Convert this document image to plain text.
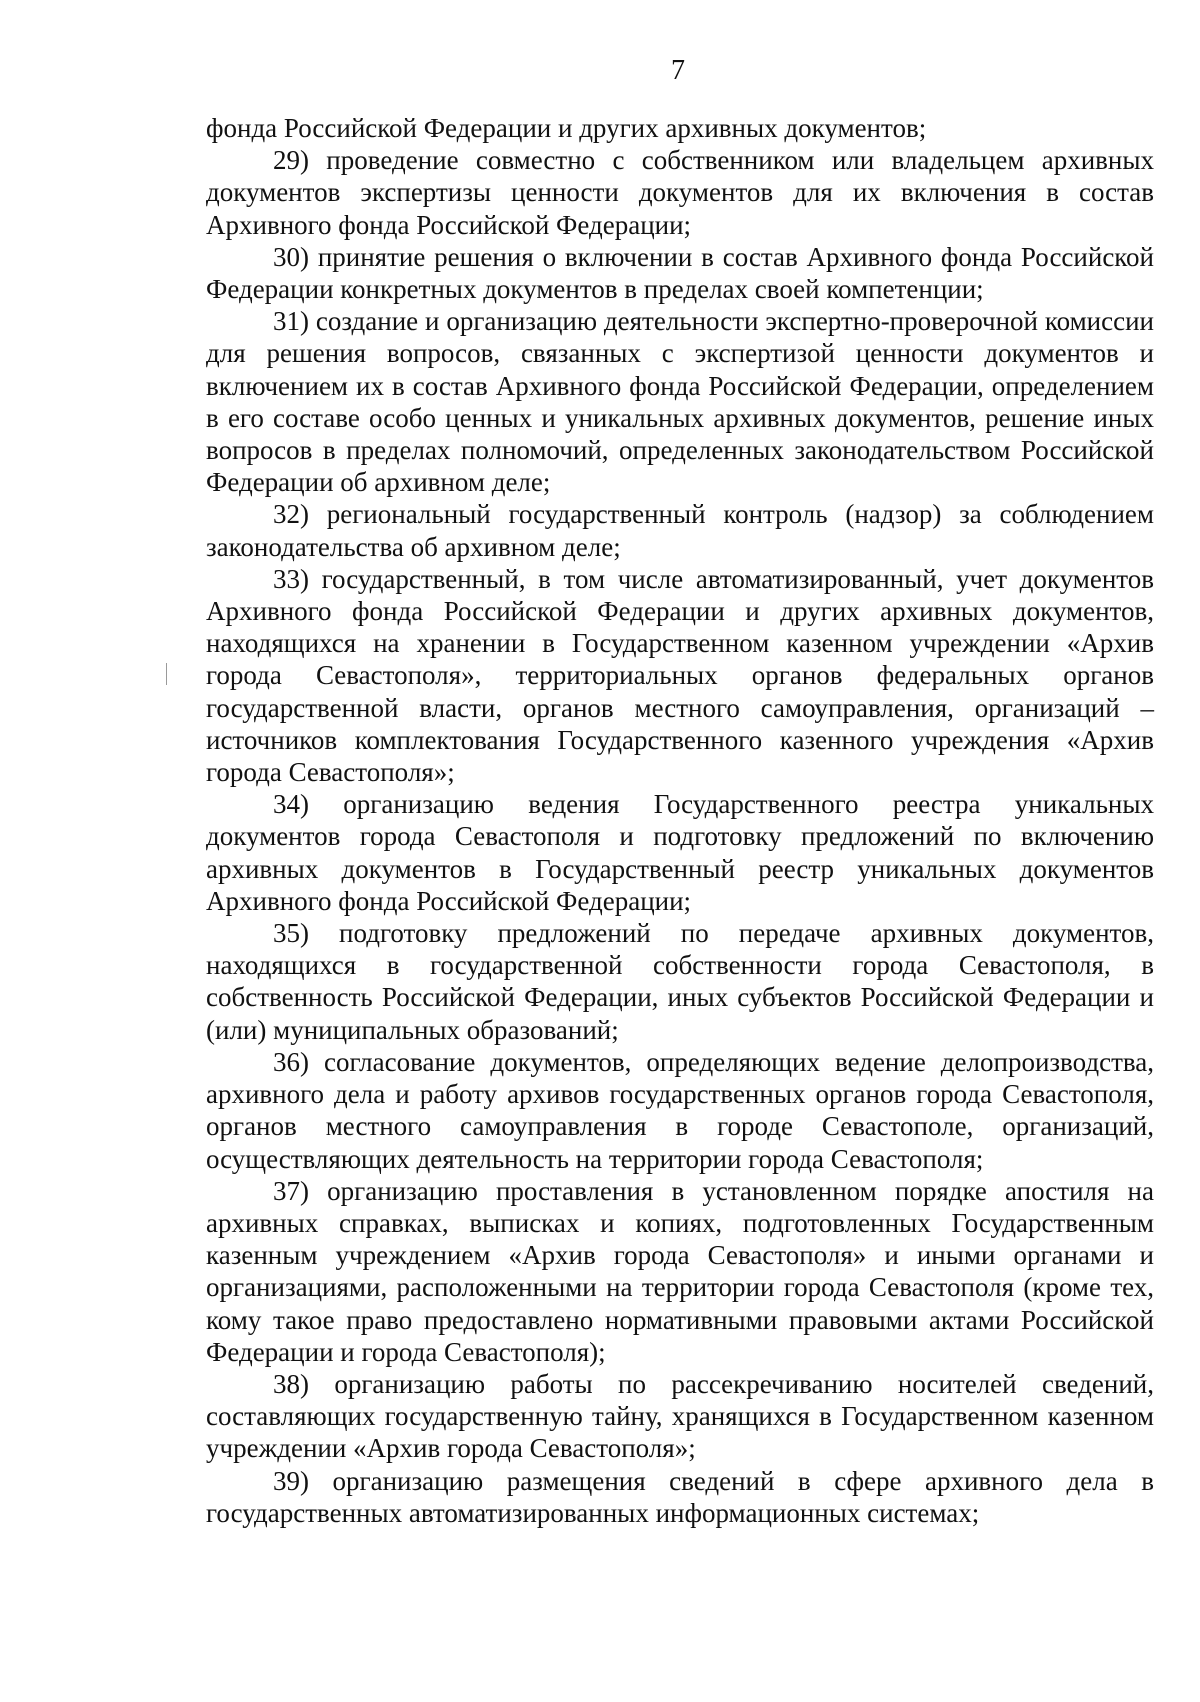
7

фонда Российской Федерации и других архивных документов;

29) проведение совместно с собственником или владельцем архивных документов экспертизы ценности документов для их включения в состав Архивного фонда Российской Федерации;

30) принятие решения о включении в состав Архивного фонда Российской Федерации конкретных документов в пределах своей компетенции;

31) создание и организацию деятельности экспертно-проверочной комиссии для решения вопросов, связанных с экспертизой ценности документов и включением их в состав Архивного фонда Российской Федерации, определением в его составе особо ценных и уникальных архивных документов, решение иных вопросов в пределах полномочий, определенных законодательством Российской Федерации об архивном деле;

32) региональный государственный контроль (надзор) за соблюдением законодательства об архивном деле;

33) государственный, в том числе автоматизированный, учет документов Архивного фонда Российской Федерации и других архивных документов, находящихся на хранении в Государственном казенном учреждении «Архив города Севастополя», территориальных органов федеральных органов государственной власти, органов местного самоуправления, организаций – источников комплектования Государственного казенного учреждения «Архив города Севастополя»;

34) организацию ведения Государственного реестра уникальных документов города Севастополя и подготовку предложений по включению архивных документов в Государственный реестр уникальных документов Архивного фонда Российской Федерации;

35) подготовку предложений по передаче архивных документов, находящихся в государственной собственности города Севастополя, в собственность Российской Федерации, иных субъектов Российской Федерации и (или) муниципальных образований;

36) согласование документов, определяющих ведение делопроизводства, архивного дела и работу архивов государственных органов города Севастополя, органов местного самоуправления в городе Севастополе, организаций, осуществляющих деятельность на территории города Севастополя;

37) организацию проставления в установленном порядке апостиля на архивных справках, выписках и копиях, подготовленных Государственным казенным учреждением «Архив города Севастополя» и иными органами и организациями, расположенными на территории города Севастополя (кроме тех, кому такое право предоставлено нормативными правовыми актами Российской Федерации и города Севастополя);

38) организацию работы по рассекречиванию носителей сведений, составляющих государственную тайну, хранящихся в Государственном казенном учреждении «Архив города Севастополя»;

39) организацию размещения сведений в сфере архивного дела в государственных автоматизированных информационных системах;
